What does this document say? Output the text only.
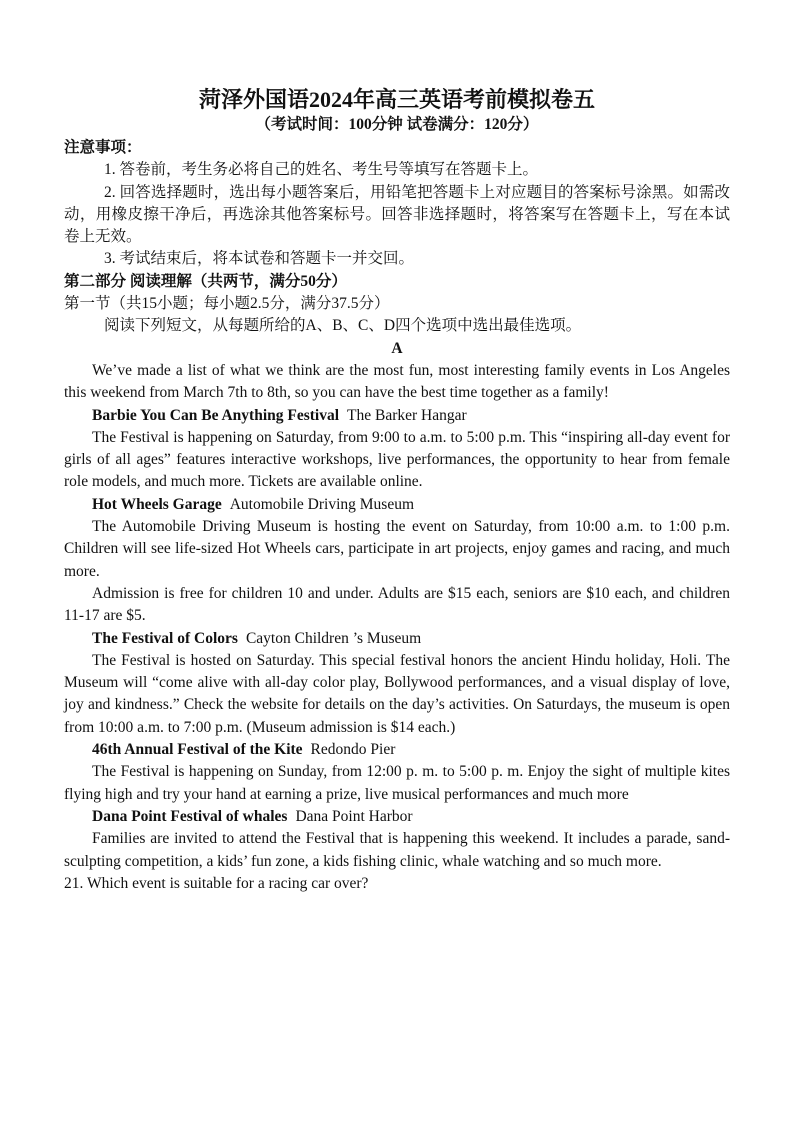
菏泽外国语2024年高三英语考前模拟卷五

（考试时间：100分钟 试卷满分：120分）

注意事项：

1. 答卷前，考生务必将自己的姓名、考生号等填写在答题卡上。

2. 回答选择题时，选出每小题答案后，用铅笔把答题卡上对应题目的答案标号涂黑。如需改动，用橡皮擦干净后，再选涂其他答案标号。回答非选择题时，将答案写在答题卡上，写在本试卷上无效。

3. 考试结束后，将本试卷和答题卡一并交回。

第二部分 阅读理解（共两节，满分50分）

第一节（共15小题；每小题2.5分，满分37.5分）

阅读下列短文，从每题所给的A、B、C、D四个选项中选出最佳选项。

A

We’ve made a list of what we think are the most fun, most interesting family events in Los Angeles this weekend from March 7th to 8th, so you can have the best time together as a family!

Barbie You Can Be Anything Festival The Barker Hangar

The Festival is happening on Saturday, from 9:00 to a.m. to 5:00 p.m. This “inspiring all-day event for girls of all ages” features interactive workshops, live performances, the opportunity to hear from female role models, and much more. Tickets are available online.

Hot Wheels Garage Automobile Driving Museum

The Automobile Driving Museum is hosting the event on Saturday, from 10:00 a.m. to 1:00 p.m. Children will see life-sized Hot Wheels cars, participate in art projects, enjoy games and racing, and much more.

Admission is free for children 10 and under. Adults are $15 each, seniors are $10 each, and children 11-17 are $5.

The Festival of Colors Cayton Children ’s Museum

The Festival is hosted on Saturday. This special festival honors the ancient Hindu holiday, Holi. The Museum will “come alive with all-day color play, Bollywood performances, and a visual display of love, joy and kindness.” Check the website for details on the day’s activities. On Saturdays, the museum is open from 10:00 a.m. to 7:00 p.m. (Museum admission is $14 each.)

46th Annual Festival of the Kite Redondo Pier

The Festival is happening on Sunday, from 12:00 p. m. to 5:00 p. m. Enjoy the sight of multiple kites flying high and try your hand at earning a prize, live musical performances and much more

Dana Point Festival of whales Dana Point Harbor

Families are invited to attend the Festival that is happening this weekend. It includes a parade, sand-sculpting competition, a kids’ fun zone, a kids fishing clinic, whale watching and so much more.

21. Which event is suitable for a racing car over?
